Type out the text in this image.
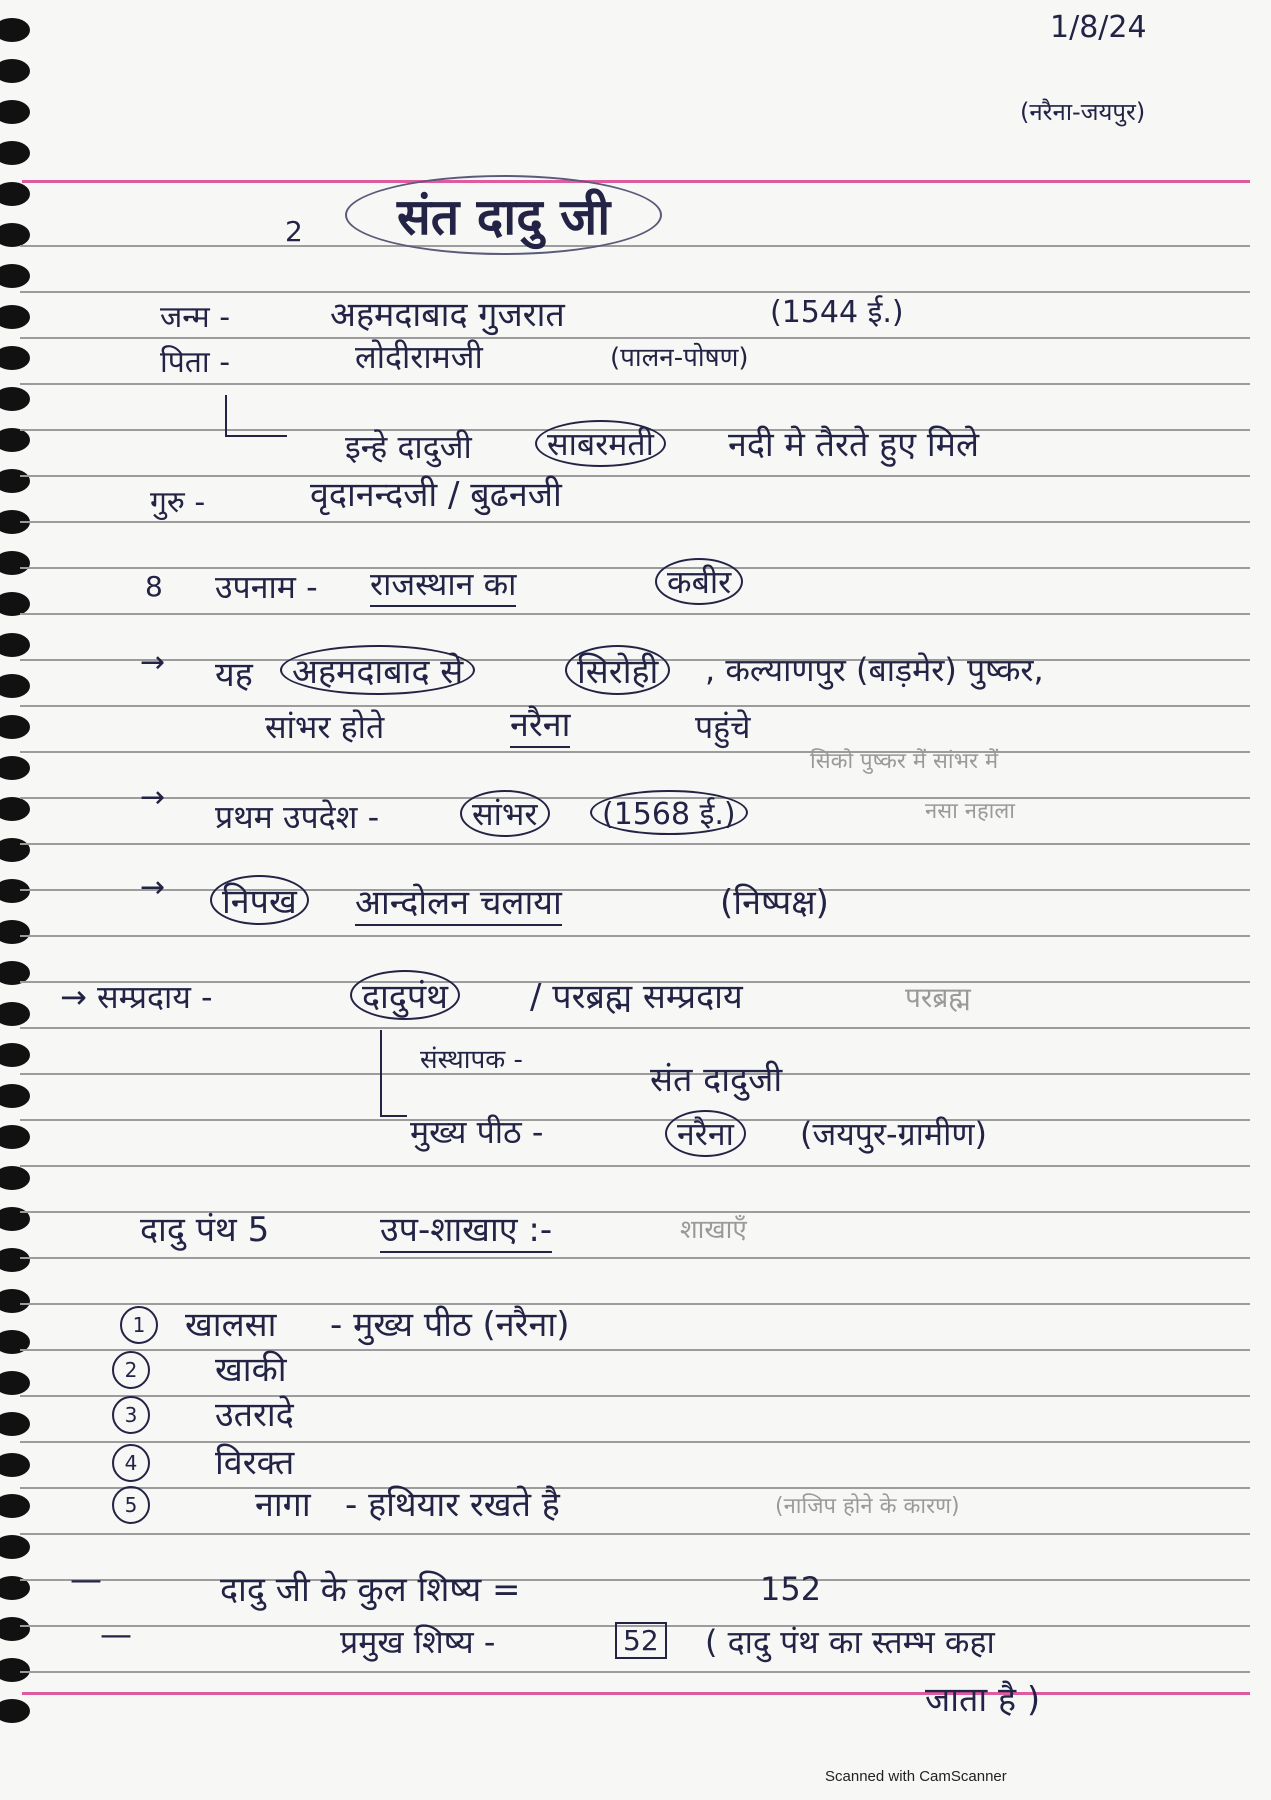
1/8/24
(नरैना-जयपुर)
2	संत दादु जी
जन्म -	अहमदाबाद गुजरात	(1544 ई.)
पिता -	लोदीरामजी	(पालन-पोषण)
इन्हे दादुजी	साबरमती	नदी मे तैरते हुए मिले
गुरु -	वृदानन्दजी / बुढनजी
8 उपनाम - राजस्थान का	कबीर
→ यह	अहमदाबाद से	सिरोही	, कल्याणपुर (बाड़मेर) पुष्कर,
सांभर होते	नरैना	पहुंचे
सिको पुष्कर में सांभर में
नसा नहाला
→
प्रथम उपदेश -	सांभर	(1568 ई.)
→	निपख	आन्दोलन चलाया	(निष्पक्ष)
→ सम्प्रदाय -	दादुपंथ	/ परब्रह्म सम्प्रदाय	परब्रह्म
संस्थापक -	संत दादुजी
मुख्य पीठ -	नरैना	(जयपुर-ग्रामीण)
दादु पंथ 5	उप-शाखाए :-	शाखाएँ
1	खालसा - मुख्य पीठ (नरैना)
2	खाकी
3	उतरादे
4	विरक्त
5	नागा - हथियार रखते है	(नाजिप होने के कारण)
—	दादु जी के कुल शिष्य =	152
—	प्रमुख शिष्य -	52 ( दादु पंथ का स्तम्भ कहा
जाता है )
Scanned with CamScanner
